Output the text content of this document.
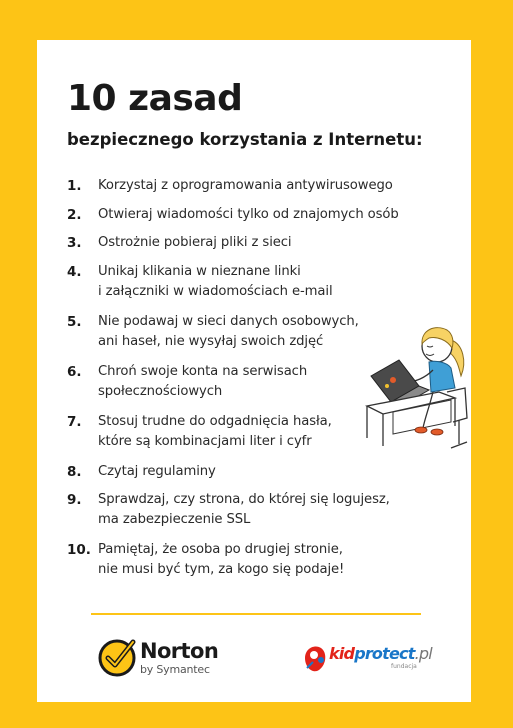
10 zasad
bezpiecznego korzystania z Internetu:
1.	Korzystaj z oprogramowania antywirusowego
2.	Otwieraj wiadomości tylko od znajomych osób
3.	Ostrożnie pobieraj pliki z sieci
4.	Unikaj klikania w nieznane linki
i załączniki w wiadomościach e-mail
5.	Nie podawaj w sieci danych osobowych,
ani haseł, nie wysyłaj swoich zdjęć
6.	Chroń swoje konta na serwisach
społecznościowych
7.	Stosuj trudne do odgadnięcia hasła,
które są kombinacjami liter i cyfr
8.	Czytaj regulaminy
9.	Sprawdzaj, czy strona, do której się logujesz,
ma zabezpieczenie SSL
10. Pamiętaj, że osoba po drugiej stronie,
nie musi być tym, za kogo się podaje!
Norton
by Symantec
kidprotect.pl
fundacja
